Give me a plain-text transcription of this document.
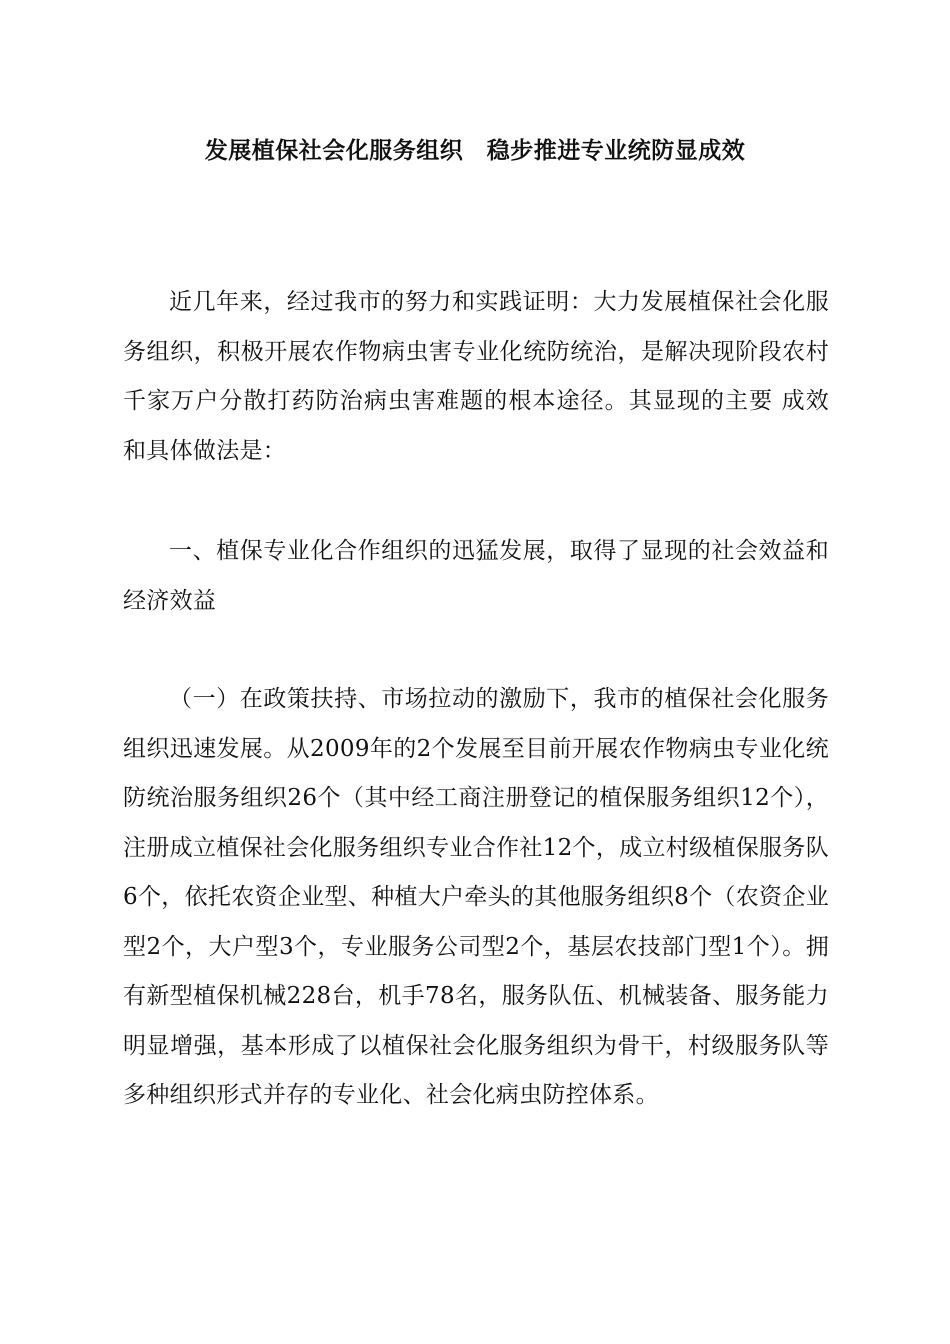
发展植保社会化服务组织　稳步推进专业统防显成效

近几年来，经过我市的努力和实践证明：大力发展植保社会化服务组织，积极开展农作物病虫害专业化统防统治，是解决现阶段农村千家万户分散打药防治病虫害难题的根本途径。其显现的主要 成效和具体做法是：

一、植保专业化合作组织的迅猛发展，取得了显现的社会效益和经济效益

（一）在政策扶持、市场拉动的激励下，我市的植保社会化服务组织迅速发展。从2009年的2个发展至目前开展农作物病虫专业化统防统治服务组织26个（其中经工商注册登记的植保服务组织12个），注册成立植保社会化服务组织专业合作社12个，成立村级植保服务队6个，依托农资企业型、种植大户牵头的其他服务组织8个（农资企业型2个，大户型3个，专业服务公司型2个，基层农技部门型1个）。拥有新型植保机械228台，机手78名，服务队伍、机械装备、服务能力明显增强，基本形成了以植保社会化服务组织为骨干，村级服务队等多种组织形式并存的专业化、社会化病虫防控体系。
